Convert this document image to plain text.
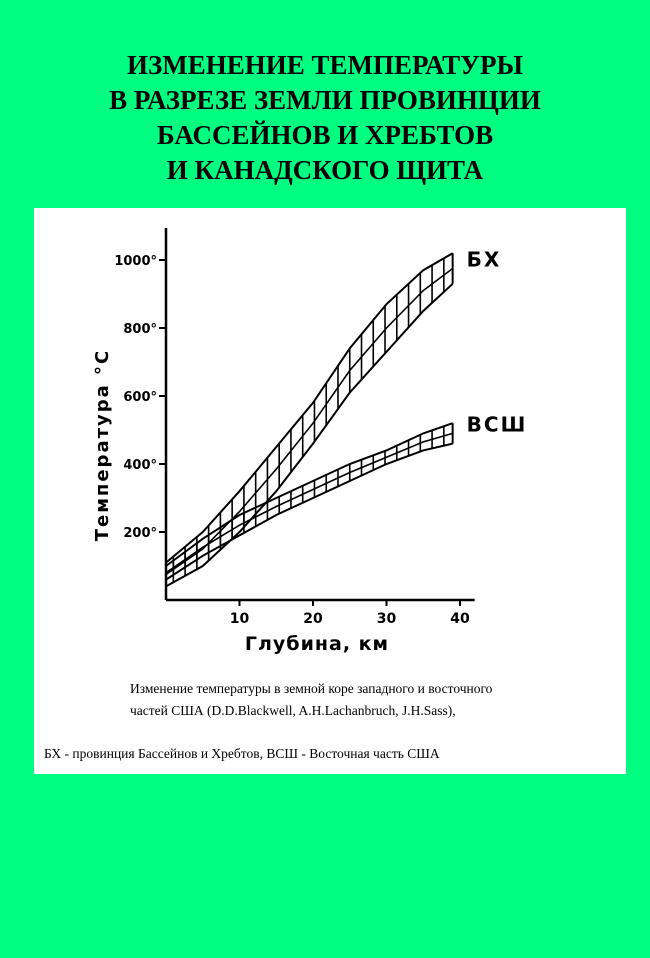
ИЗМЕНЕНИЕ ТЕМПЕРАТУРЫ
В РАЗРЕЗЕ ЗЕМЛИ ПРОВИНЦИИ
БАССЕЙНОВ И ХРЕБТОВ
И КАНАДСКОГО ЩИТА
200°
400°
600°
800°
1000°
10	20	30	40
Глубина, км
Температура °C
БХ
ВСШ

Изменение температуры в земной коре западного и восточного

частей США (D.D.Blackwell, A.H.Lachanbruch, J.H.Sass),

БХ - провинция Бассейнов и Хребтов, ВСШ - Восточная часть США
